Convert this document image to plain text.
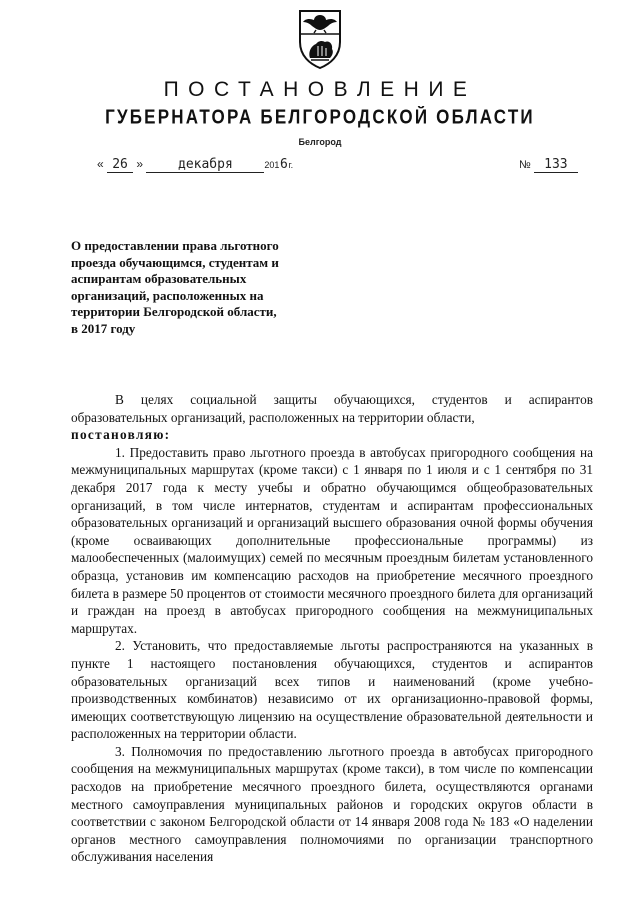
ПОСТАНОВЛЕНИЕ
ГУБЕРНАТОРА БЕЛГОРОДСКОЙ ОБЛАСТИ
Белгород
« 26 »	декабря	2016г.	№ 133
О предоставлении права льготного
проезда обучающимся, студентам и
аспирантам образовательных
организаций, расположенных на
территории Белгородской области,
в 2017 году

В целях социальной защиты обучающихся, студентов и аспирантов образовательных организаций, расположенных на территории области,

постановляю:

1. Предоставить право льготного проезда в автобусах пригородного сообщения на межмуниципальных маршрутах (кроме такси) с 1 января по 1 июля и с 1 сентября по 31 декабря 2017 года к месту учебы и обратно обучающимся общеобразовательных организаций, в том числе интернатов, студентам и аспирантам профессиональных образовательных организаций и организаций высшего образования очной формы обучения (кроме осваивающих дополнительные профессиональные программы) из малообеспеченных (малоимущих) семей по месячным проездным билетам установленного образца, установив им компенсацию расходов на приобретение месячного проездного билета в размере 50 процентов от стоимости месячного проездного билета для организаций и граждан на проезд в автобусах пригородного сообщения на межмуниципальных маршрутах.

2. Установить, что предоставляемые льготы распространяются на указанных в пункте 1 настоящего постановления обучающихся, студентов и аспирантов образовательных организаций всех типов и наименований (кроме учебно-производственных комбинатов) независимо от их организационно-правовой формы, имеющих соответствующую лицензию на осуществление образовательной деятельности и расположенных на территории области.

3. Полномочия по предоставлению льготного проезда в автобусах пригородного сообщения на межмуниципальных маршрутах (кроме такси), в том числе по компенсации расходов на приобретение месячного проездного билета, осуществляются органами местного самоуправления муниципальных районов и городских округов области в соответствии с законом Белгородской области от 14 января 2008 года № 183 «О наделении органов местного самоуправления полномочиями по организации транспортного обслуживания населения
